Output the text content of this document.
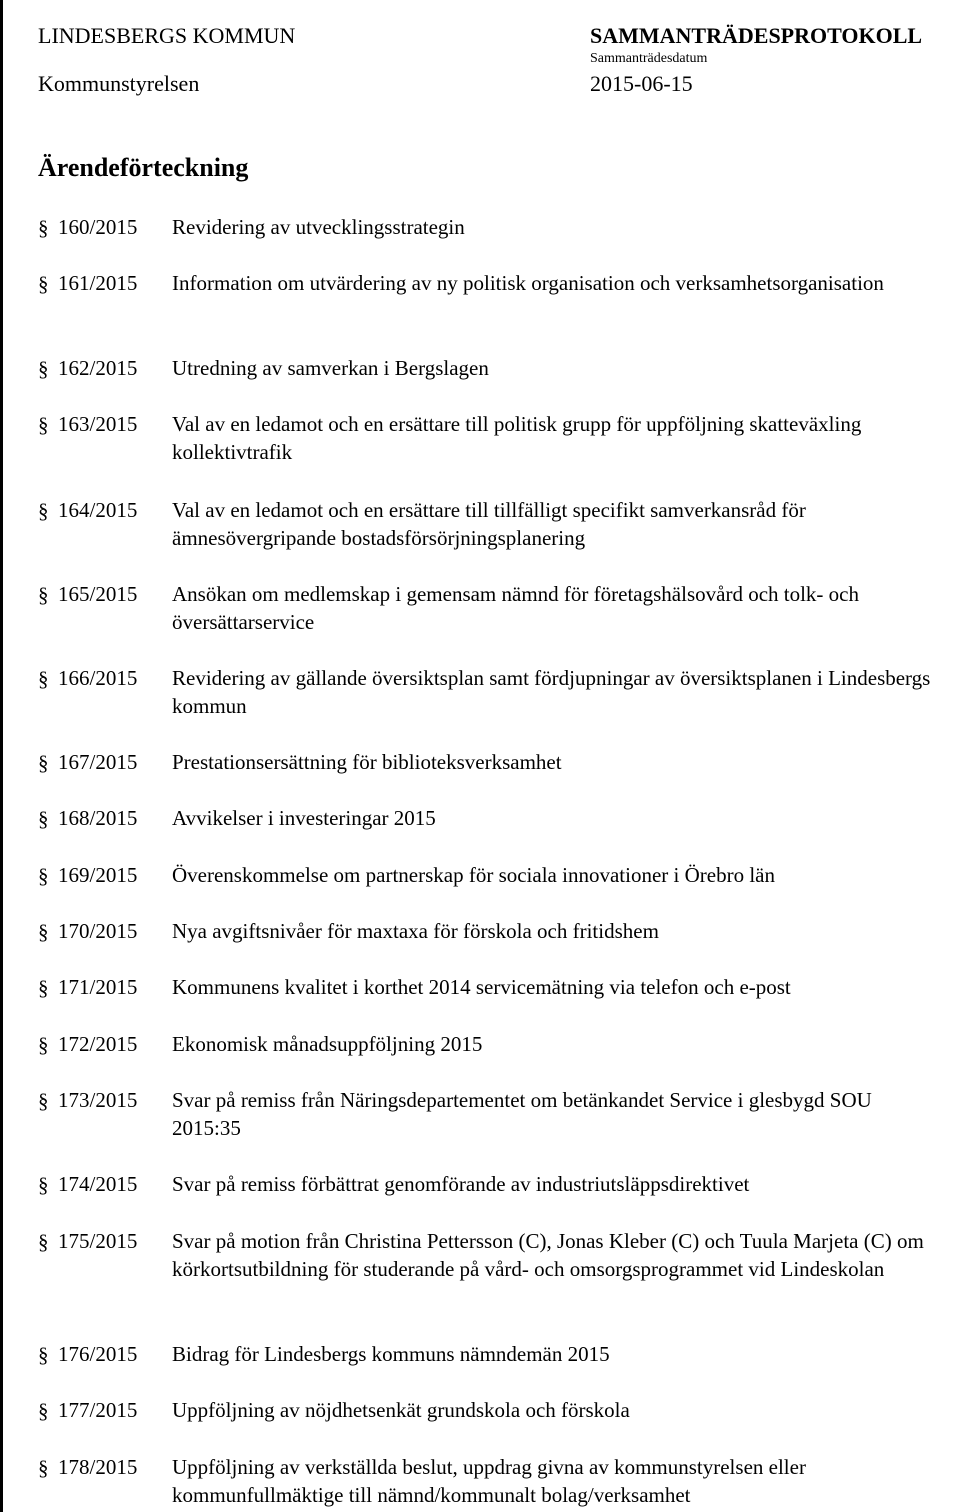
LINDESBERGS KOMMUN	SAMMANTRÄDESPROTOKOLL
Sammanträdesdatum
Kommunstyrelsen	2015-06-15
Ärendeförteckning
§ 160/2015 Revidering av utvecklingsstrategin
§ 161/2015 Information om utvärdering av ny politisk organisation och verksamhetsorganisation
§ 162/2015 Utredning av samverkan i Bergslagen
§ 163/2015 Val av en ledamot och en ersättare till politisk grupp för uppföljning skatteväxling kollektivtrafik
§ 164/2015 Val av en ledamot och en ersättare till tillfälligt specifikt samverkansråd för ämnesövergripande bostadsförsörjningsplanering
§ 165/2015 Ansökan om medlemskap i gemensam nämnd för företagshälsovård och tolk- och översättarservice
§ 166/2015 Revidering av gällande översiktsplan samt fördjupningar av översiktsplanen i Lindesbergs kommun
§ 167/2015 Prestationsersättning för biblioteksverksamhet
§ 168/2015 Avvikelser i investeringar 2015
§ 169/2015 Överenskommelse om partnerskap för sociala innovationer i Örebro län
§ 170/2015 Nya avgiftsnivåer för maxtaxa för förskola och fritidshem
§ 171/2015 Kommunens kvalitet i korthet 2014 servicemätning via telefon och e-post
§ 172/2015 Ekonomisk månadsuppföljning 2015
§ 173/2015 Svar på remiss från Näringsdepartementet om betänkandet Service i glesbygd SOU 2015:35
§ 174/2015 Svar på remiss förbättrat genomförande av industriutsläppsdirektivet
§ 175/2015 Svar på motion från Christina Pettersson (C), Jonas Kleber (C) och Tuula Marjeta (C) om körkortsutbildning för studerande på vård- och omsorgsprogrammet vid Lindeskolan
§ 176/2015 Bidrag för Lindesbergs kommuns nämndemän 2015
§ 177/2015 Uppföljning av nöjdhetsenkät grundskola och förskola
§ 178/2015 Uppföljning av verkställda beslut, uppdrag givna av kommunstyrelsen eller kommunfullmäktige till nämnd/kommunalt bolag/verksamhet
